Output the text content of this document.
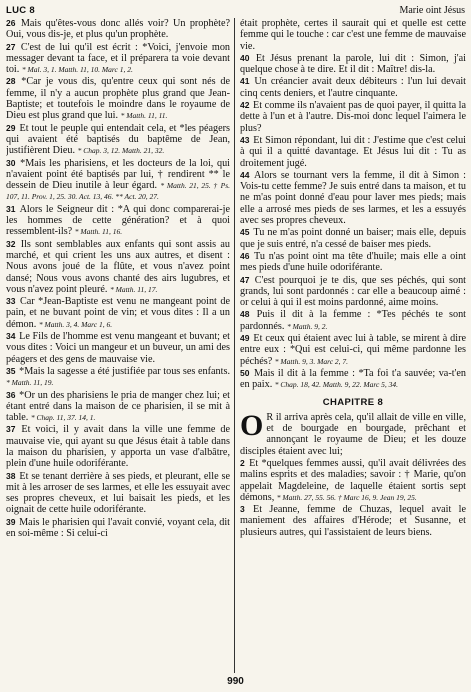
LUC 8	Marie oint Jésus

26 Mais qu'êtes-vous donc allés voir? Un prophète? Oui, vous dis-je, et plus qu'un prophète.

27 C'est de lui qu'il est écrit : *Voici, j'envoie mon messager devant ta face, et il préparera ta voie devant toi. * Mal. 3, 1. Matth. 11, 10. Marc 1, 2.

28 *Car je vous dis, qu'entre ceux qui sont nés de femme, il n'y a aucun prophète plus grand que Jean-Baptiste; et toutefois le moindre dans le royaume de Dieu est plus grand que lui. * Matth. 11, 11.

29 Et tout le peuple qui entendait cela, et *les péagers qui avaient été baptisés du baptême de Jean, justifièrent Dieu. * Chap. 3, 12. Matth. 21, 32.

30 *Mais les pharisiens, et les docteurs de la loi, qui n'avaient point été baptisés par lui, † rendirent ** le dessein de Dieu inutile à leur égard. * Matth. 21, 25. † Ps. 107, 11. Prov. 1, 25. 30. Act. 13, 46. ** Act. 20, 27.

31 Alors le Seigneur dit : *A qui donc comparerai-je les hommes de cette génération? et à quoi ressemblent-ils? * Matth. 11, 16.

32 Ils sont semblables aux enfants qui sont assis au marché, et qui crient les uns aux autres, et disent : Nous avons joué de la flûte, et vous n'avez point dansé; Nous vous avons chanté des airs lugubres, et vous n'avez point pleuré. * Matth. 11, 17.

33 Car *Jean-Baptiste est venu ne mangeant point de pain, et ne buvant point de vin; et vous dites : Il a un démon. * Matth. 3, 4. Marc 1, 6.

34 Le Fils de l'homme est venu mangeant et buvant; et vous dites : Voici un mangeur et un buveur, un ami des péagers et des gens de mauvaise vie.

35 *Mais la sagesse a été justifiée par tous ses enfants. * Matth. 11, 19.

36 *Or un des pharisiens le pria de manger chez lui; et étant entré dans la maison de ce pharisien, il se mit à table. * Chap. 11, 37. 14, 1.

37 Et voici, il y avait dans la ville une femme de mauvaise vie, qui ayant su que Jésus était à table dans la maison du pharisien, y apporta un vase d'albâtre, plein d'une huile odoriférante.

38 Et se tenant derrière à ses pieds, et pleurant, elle se mit à les arroser de ses larmes, et elle les essuyait avec ses propres cheveux, et lui baisait les pieds, et les oignait de cette huile odoriférante.

39 Mais le pharisien qui l'avait convié, voyant cela, dit en soi-même : Si celui-ci

était prophète, certes il saurait qui et quelle est cette femme qui le touche : car c'est une femme de mauvaise vie.

40 Et Jésus prenant la parole, lui dit : Simon, j'ai quelque chose à te dire. Et il dit : Maître! dis-la.

41 Un créancier avait deux débiteurs : l'un lui devait cinq cents deniers, et l'autre cinquante.

42 Et comme ils n'avaient pas de quoi payer, il quitta la dette à l'un et à l'autre. Dis-moi donc lequel l'aimera le plus?

43 Et Simon répondant, lui dit : J'estime que c'est celui à qui il a quitté davantage. Et Jésus lui dit : Tu as droitement jugé.

44 Alors se tournant vers la femme, il dit à Simon : Vois-tu cette femme? Je suis entré dans ta maison, et tu ne m'as point donné d'eau pour laver mes pieds; mais elle a arrosé mes pieds de ses larmes, et les a essuyés avec ses propres cheveux.

45 Tu ne m'as point donné un baiser; mais elle, depuis que je suis entré, n'a cessé de baiser mes pieds.

46 Tu n'as point oint ma tête d'huile; mais elle a oint mes pieds d'une huile odoriférante.

47 C'est pourquoi je te dis, que ses péchés, qui sont grands, lui sont pardonnés : car elle a beaucoup aimé : or celui à qui il est moins pardonné, aime moins.

48 Puis il dit à la femme : *Tes péchés te sont pardonnés. * Matth. 9, 2.

49 Et ceux qui étaient avec lui à table, se mirent à dire entre eux : *Qui est celui-ci, qui même pardonne les péchés? * Matth. 9, 3. Marc 2, 7.

50 Mais il dit à la femme : *Ta foi t'a sauvée; va-t'en en paix. * Chap. 18, 42. Matth. 9, 22. Marc 5, 34.

CHAPITRE 8

O R il arriva après cela, qu'il allait de ville en ville, et de bourgade en bourgade, prêchant et annonçant le royaume de Dieu; et les douze disciples étaient avec lui;

2 Et *quelques femmes aussi, qu'il avait délivrées des malins esprits et des maladies; savoir : † Marie, qu'on appelait Magdeleine, de laquelle étaient sortis sept démons, * Matth. 27, 55. 56. † Marc 16, 9. Jean 19, 25.

3 Et Jeanne, femme de Chuzas, lequel avait le maniement des affaires d'Hérode; et Susanne, et plusieurs autres, qui l'assistaient de leurs biens.

990
